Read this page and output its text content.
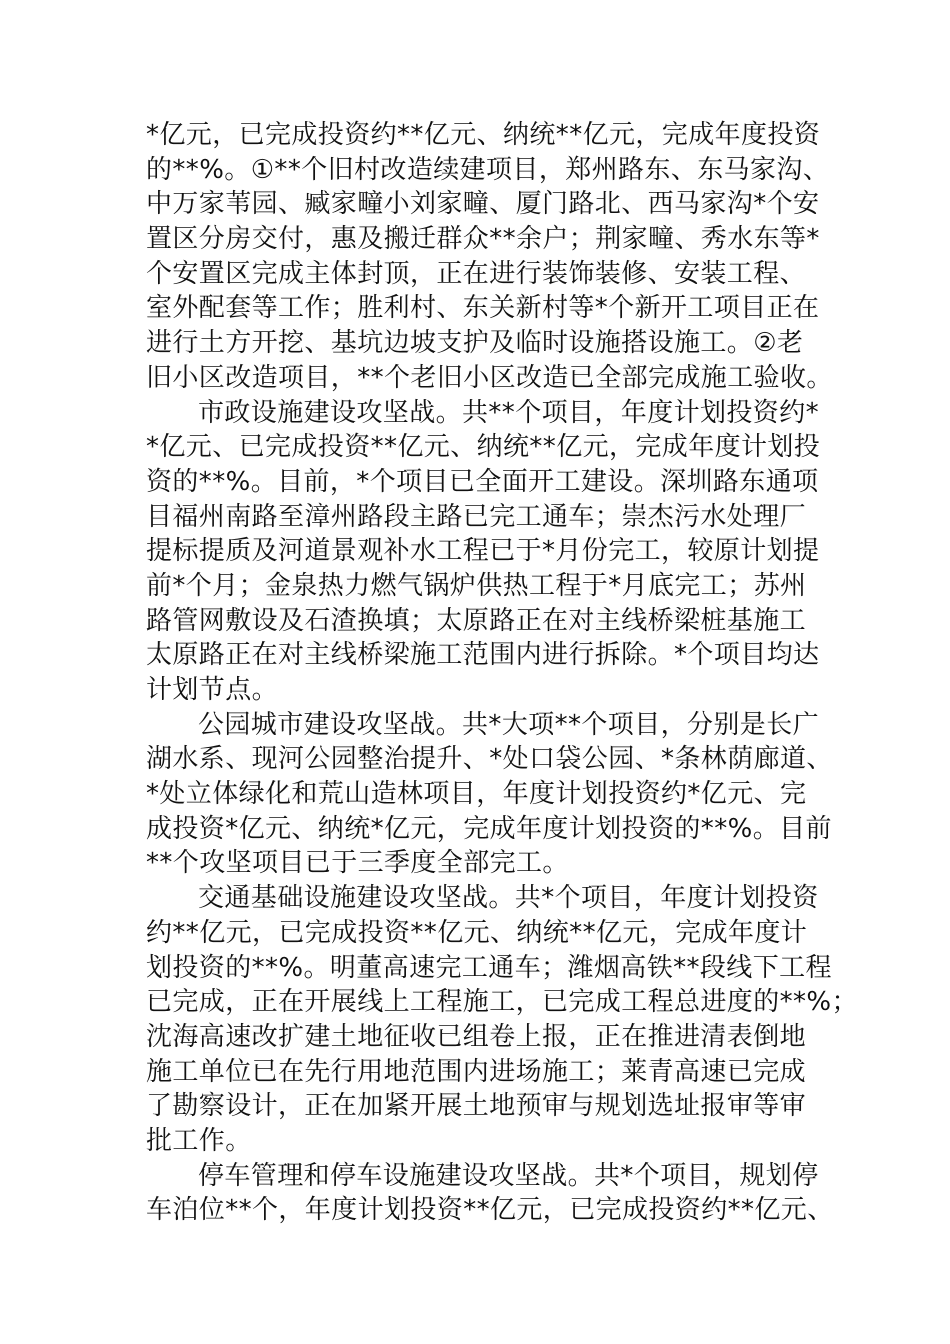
*亿元，已完成投资约**亿元、纳统**亿元，完成年度投资
的**%。①**个旧村改造续建项目，郑州路东、东马家沟、
中万家苇园、臧家疃小刘家疃、厦门路北、西马家沟*个安
置区分房交付，惠及搬迁群众**余户；荆家疃、秀水东等*
个安置区完成主体封顶，正在进行装饰装修、安装工程、
室外配套等工作；胜利村、东关新村等*个新开工项目正在
进行土方开挖、基坑边坡支护及临时设施搭设施工。②老
旧小区改造项目，**个老旧小区改造已全部完成施工验收。
市政设施建设攻坚战。共**个项目，年度计划投资约*
*亿元、已完成投资**亿元、纳统**亿元，完成年度计划投
资的**%。目前，*个项目已全面开工建设。深圳路东通项
目福州南路至漳州路段主路已完工通车；崇杰污水处理厂
提标提质及河道景观补水工程已于*月份完工，较原计划提
前*个月；金泉热力燃气锅炉供热工程于*月底完工；苏州
路管网敷设及石渣换填；太原路正在对主线桥梁桩基施工
太原路正在对主线桥梁施工范围内进行拆除。*个项目均达
计划节点。
公园城市建设攻坚战。共*大项**个项目，分别是长广
湖水系、现河公园整治提升、*处口袋公园、*条林荫廊道、
*处立体绿化和荒山造林项目，年度计划投资约*亿元、完
成投资*亿元、纳统*亿元，完成年度计划投资的**%。目前
**个攻坚项目已于三季度全部完工。
交通基础设施建设攻坚战。共*个项目，年度计划投资
约**亿元，已完成投资**亿元、纳统**亿元，完成年度计
划投资的**%。明董高速完工通车；潍烟高铁**段线下工程
已完成，正在开展线上工程施工，已完成工程总进度的**%；
沈海高速改扩建土地征收已组卷上报，正在推进清表倒地
施工单位已在先行用地范围内进场施工；莱青高速已完成
了勘察设计，正在加紧开展土地预审与规划选址报审等审
批工作。
停车管理和停车设施建设攻坚战。共*个项目，规划停
车泊位**个，年度计划投资**亿元，已完成投资约**亿元、
